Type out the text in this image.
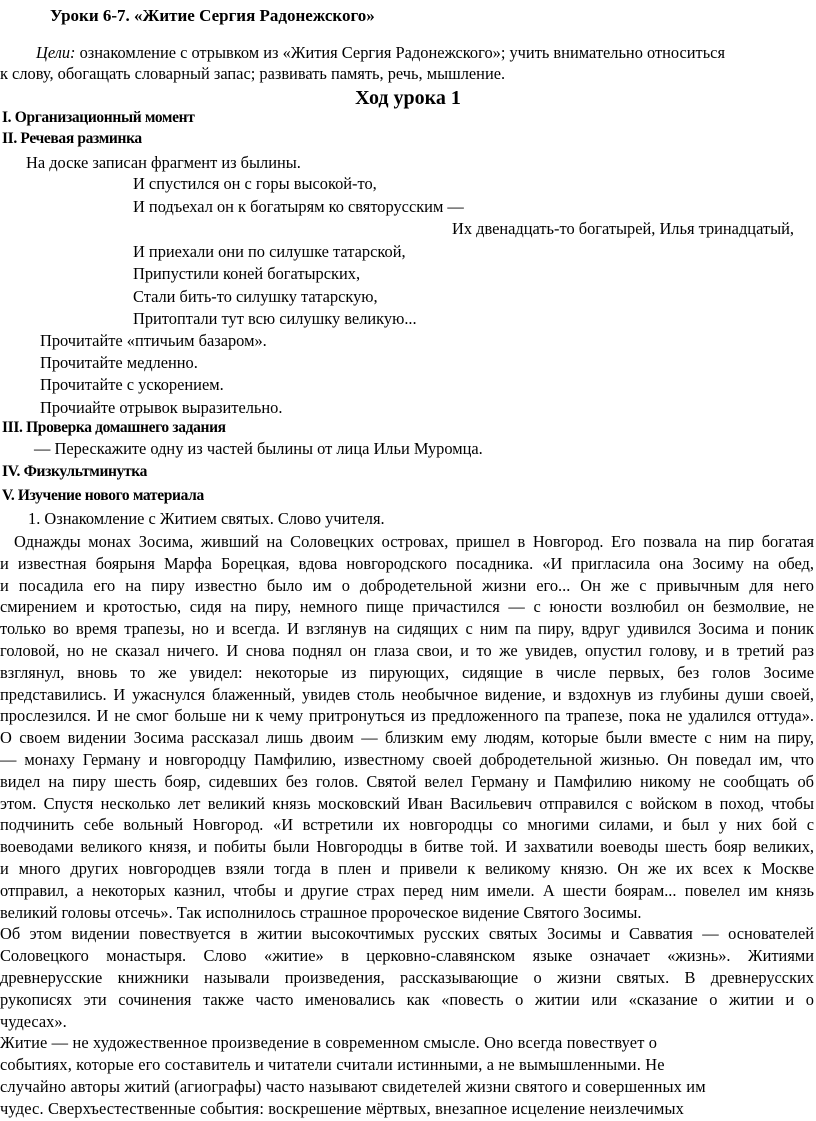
Уроки 6-7. «Житие Сергия Радонежского»
Цели: ознакомление с отрывком из «Жития Сергия Радонежского»; учить внимательно относиться
к слову, обогащать словарный запас; развивать память, речь, мышление.
Ход урока 1
I. Организационный момент
II. Речевая разминка
На доске записан фрагмент из былины.
И спустился он с горы высокой-то,
И подъехал он к богатырям ко святорусским —
Их двенадцать-то богатырей, Илья тринадцатый,
И приехали они по силушке татарской,
Припустили коней богатырских,
Стали бить-то силушку татарскую,
Притоптали тут всю силушку великую...
Прочитайте «птичьим базаром».
Прочитайте медленно.
Прочитайте с ускорением.
Прочиайте отрывок выразительно.
III. Проверка домашнего задания
— Перескажите одну из частей былины от лица Ильи Муромца.
IV. Физкультминутка
V. Изучение нового материала
1. Ознакомление с Житием святых. Слово учителя.
Однажды монах Зосима, живший на Соловецких островах, пришел в Новгород. Его позвала на пир богатая
и известная боярыня Марфа Борецкая, вдова новгородского посадника. «И пригласила она Зосиму на обед,
и посадила его на пиру известно было им о добродетельной жизни его... Он же с привычным для него
смирением и кротостью, сидя на пиру, немного пище причастился — с юности возлюбил он безмолвие, не
только во время трапезы, но и всегда. И взглянув на сидящих с ним па пиру, вдруг удивился Зосима и поник
головой, но не сказал ничего. И снова поднял он глаза свои, и то же увидев, опустил голову, и в третий раз
взглянул, вновь то же увидел: некоторые из пирующих, сидящие в числе первых, без голов Зосиме
представились. И ужаснулся блаженный, увидев столь необычное видение, и вздохнув из глубины души своей,
прослезился. И не смог больше ни к чему притронуться из предложенного па трапезе, пока не удалился оттуда».
О своем видении Зосима рассказал лишь двоим — близким ему людям, которые были вместе с ним на пиру,
— монаху Герману и новгородцу Памфилию, известному своей добродетельной жизнью. Он поведал им, что
видел на пиру шесть бояр, сидевших без голов. Святой велел Герману и Памфилию никому не сообщать об
этом. Спустя несколько лет великий князь московский Иван Васильевич отправился с войском в поход, чтобы
подчинить себе вольный Новгород. «И встретили их новгородцы со многими силами, и был у них бой с
воеводами великого князя, и побиты были Новгородцы в битве той. И захватили воеводы шесть бояр великих,
и много других новгородцев взяли тогда в плен и привели к великому князю. Он же их всех к Москве
отправил, а некоторых казнил, чтобы и другие страх перед ним имели. А шести боярам... повелел им князь
Об этом видении повествуется в житии высокочтимых русских святых Зосимы и Савватия — основателей
Соловецкого монастыря. Слово «житие» в церковно-славянском языке означает «жизнь». Житиями
древнерусские книжники называли произведения, рассказывающие о жизни святых. В древнерусских
рукописях эти сочинения также часто именовались как «повесть о житии или «сказание о житии и о
чудесах».
Житие — не художественное произведение в современном смысле. Оно всегда повествует о
событиях, которые его составитель и читатели считали истинными, а не вымышленными. Не
случайно авторы житий (агиографы) часто называют свидетелей жизни святого и совершенных им
чудес. Сверхъестественные события: воскрешение мёртвых, внезапное исцеление неизлечимых
великий головы отсечь». Так исполнилось страшное пророческое видение Святого Зосимы.
